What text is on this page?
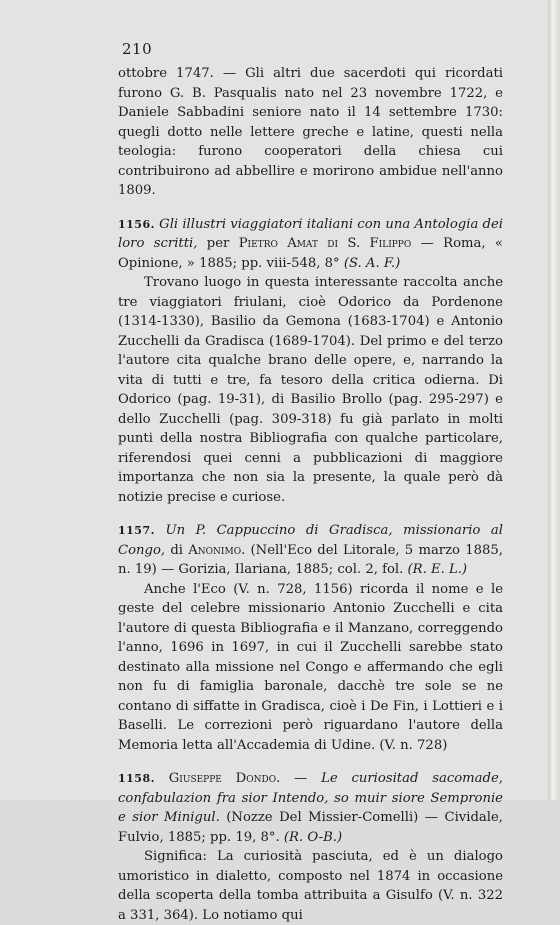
210

ottobre 1747. — Gli altri due sacerdoti qui ricordati furono G. B. Pasqualis nato nel 23 novembre 1722, e Daniele Sabbadini seniore nato il 14 settembre 1730: quegli dotto nelle lettere greche e latine, questi nella teologia: furono cooperatori della chiesa cui contribuirono ad abbellire e morirono ambidue nell'anno 1809.

1156. Gli illustri viaggiatori italiani con una Antologia dei loro scritti, per Pietro Amat di S. Filippo — Roma, « Opinione, » 1885; pp. viii-548, 8° (S. A. F.)

Trovano luogo in questa interessante raccolta anche tre viaggiatori friulani, cioè Odorico da Pordenone (1314-1330), Basilio da Gemona (1683-1704) e Antonio Zucchelli da Gradisca (1689-1704). Del primo e del terzo l'autore cita qualche brano delle opere, e, narrando la vita di tutti e tre, fa tesoro della critica odierna. Di Odorico (pag. 19-31), di Basilio Brollo (pag. 295-297) e dello Zucchelli (pag. 309-318) fu già parlato in molti punti della nostra Bibliografia con qualche particolare, riferendosi quei cenni a pubblicazioni di maggiore importanza che non sia la presente, la quale però dà notizie precise e curiose.

1157. Un P. Cappuccino di Gradisca, missionario al Congo, di Anonimo. (Nell'Eco del Litorale, 5 marzo 1885, n. 19) — Gorizia, Ilariana, 1885; col. 2, fol. (R. E. L.)

Anche l'Eco (V. n. 728, 1156) ricorda il nome e le geste del celebre missionario Antonio Zucchelli e cita l'autore di questa Bibliografia e il Manzano, correggendo l'anno, 1696 in 1697, in cui il Zucchelli sarebbe stato destinato alla missione nel Congo e affermando che egli non fu di famiglia baronale, dacchè tre sole se ne contano di siffatte in Gradisca, cioè i De Fin, i Lottieri e i Baselli. Le correzioni però riguardano l'autore della Memoria letta all'Accademia di Udine. (V. n. 728)

1158. Giuseppe Dondo. — Le curiositad sacomade, confabulazion fra sior Intendo, so muir siore Sempronie e sior Minigul. (Nozze Del Missier-Comelli) — Cividale, Fulvio, 1885; pp. 19, 8°. (R. O-B.)

Significa: La curiosità pasciuta, ed è un dialogo umoristico in dialetto, composto nel 1874 in occasione della scoperta della tomba attribuita a Gisulfo (V. n. 322 a 331, 364). Lo notiamo qui
